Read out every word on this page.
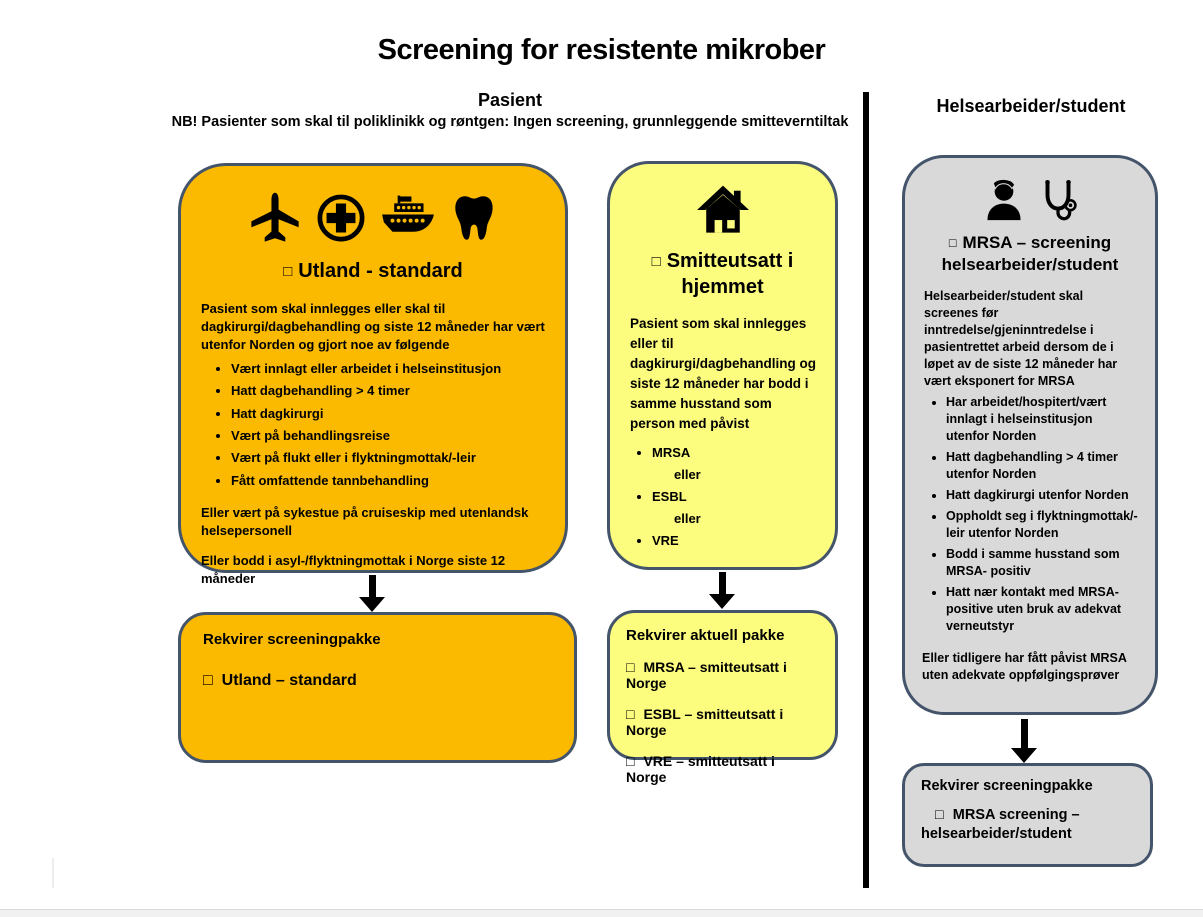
Screening for resistente mikrober
Pasient
NB! Pasienter som skal til poliklinikk og røntgen: Ingen screening, grunnleggende smitteverntiltak
Helsearbeider/student
□ Utland - standard

Pasient som skal innlegges eller skal til dagkirurgi/dagbehandling og siste 12 måneder har vært utenfor Norden og gjort noe av følgende

• Vært innlagt eller arbeidet i helseinstitusjon
• Hatt dagbehandling > 4 timer
• Hatt dagkirurgi
• Vært på behandlingsreise
• Vært på flukt eller i flyktningmottak/-leir
• Fått omfattende tannbehandling

Eller vært på sykestue på cruiseskip med utenlandsk helsepersonell

Eller bodd i asyl-/flyktningmottak i Norge siste 12 måneder

□ Smitteutsatt i hjemmet

Pasient som skal innlegges eller til dagkirurgi/dagbehandling og siste 12 måneder har bodd i samme husstand som person med påvist

• MRSA
eller
• ESBL
eller
• VRE
□ MRSA – screening helsearbeider/student

Helsearbeider/student skal screenes før inntredelse/gjeninntredelse i pasientrettet arbeid dersom de i løpet av de siste 12 måneder har vært eksponert for MRSA

• Har arbeidet/hospitert/vært innlagt i helseinstitusjon utenfor Norden
• Hatt dagbehandling > 4 timer utenfor Norden
• Hatt dagkirurgi utenfor Norden
• Oppholdt seg i flyktningmottak/-leir utenfor Norden
• Bodd i samme husstand som MRSA- positiv
• Hatt nær kontakt med MRSA-positive uten bruk av adekvat verneutstyr

Eller tidligere har fått påvist MRSA uten adekvate oppfølgingsprøver

Rekvirer screeningpakke
□ Utland – standard
Rekvirer aktuell pakke
□ MRSA – smitteutsatt i Norge
□ ESBL – smitteutsatt i Norge
□ VRE – smitteutsatt i Norge
Rekvirer screeningpakke
□ MRSA screening – helsearbeider/student
